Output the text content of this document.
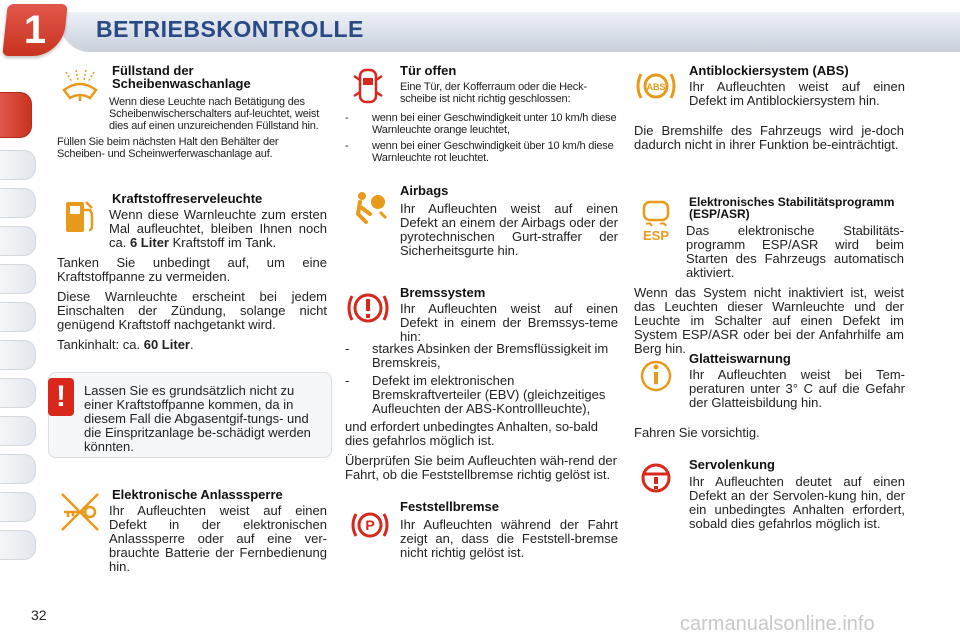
1	BETRIEBSKONTROLLE
Füllstand der Scheibenwaschanlage
Wenn diese Leuchte nach Betätigung des Scheibenwischerschalters auf-leuchtet, weist dies auf einen unzureichenden Füllstand hin.
Füllen Sie beim nächsten Halt den Behälter der Scheiben- und Scheinwerferwaschanlage auf.
Kraftstoffreserveleuchte
Wenn diese Warnleuchte zum ersten Mal aufleuchtet, bleiben Ihnen noch ca. 6 Liter Kraftstoff im Tank.
Tanken Sie unbedingt auf, um eine Kraftstoffpanne zu vermeiden.
Diese Warnleuchte erscheint bei jedem Einschalten der Zündung, solange nicht genügend Kraftstoff nachgetankt wird.
Tankinhalt: ca. 60 Liter.
!	Lassen Sie es grundsätzlich nicht zu einer Kraftstoffpanne kommen, da in diesem Fall die Abgasentgif-tungs- und die Einspritzanlage be-schädigt werden könnten.
Elektronische Anlasssperre
Ihr Aufleuchten weist auf einen Defekt in der elektronischen Anlasssperre oder auf eine ver-brauchte Batterie der Fernbedienung hin.
Tür offen
Eine Tür, der Kofferraum oder die Heck-scheibe ist nicht richtig geschlossen:
- wenn bei einer Geschwindigkeit unter 10 km/h diese Warnleuchte orange leuchtet,
- wenn bei einer Geschwindigkeit über 10 km/h diese Warnleuchte rot leuchtet.
Airbags
Ihr Aufleuchten weist auf einen Defekt an einem der Airbags oder der pyrotechnischen Gurt-straffer der Sicherheitsgurte hin.
Bremssystem
Ihr Aufleuchten weist auf einen Defekt in einem der Bremssys-teme hin:
- starkes Absinken der Bremsflüssigkeit im Bremskreis,
- Defekt im elektronischen Bremskraftverteiler (EBV) (gleichzeitiges Aufleuchten der ABS-Kontrollleuchte),
und erfordert unbedingtes Anhalten, so-bald dies gefahrlos möglich ist.
Überprüfen Sie beim Aufleuchten wäh-rend der Fahrt, ob die Feststellbremse richtig gelöst ist.
P
Feststellbremse
Ihr Aufleuchten während der Fahrt zeigt an, dass die Feststell-bremse nicht richtig gelöst ist.
ABS
Antiblockiersystem (ABS)
Ihr Aufleuchten weist auf einen Defekt im Antiblockiersystem hin.
Die Bremshilfe des Fahrzeugs wird je-doch dadurch nicht in ihrer Funktion be-einträchtigt.
ESP
Elektronisches Stabilitätsprogramm (ESP/ASR)
Das elektronische Stabilitäts-programm ESP/ASR wird beim Starten des Fahrzeugs automatisch aktiviert.
Wenn das System nicht inaktiviert ist, weist das Leuchten dieser Warnleuchte und der Leuchte im Schalter auf einen Defekt im System ESP/ASR oder bei der Anfahrhilfe am Berg hin.
Glatteiswarnung
Ihr Aufleuchten weist bei Tem-peraturen unter 3° C auf die Gefahr der Glatteisbildung hin.
Fahren Sie vorsichtig.
Servolenkung
Ihr Aufleuchten deutet auf einen Defekt an der Servolen-kung hin, der ein unbedingtes Anhalten erfordert, sobald dies gefahrlos möglich ist.
32	carmanualsonline.info
